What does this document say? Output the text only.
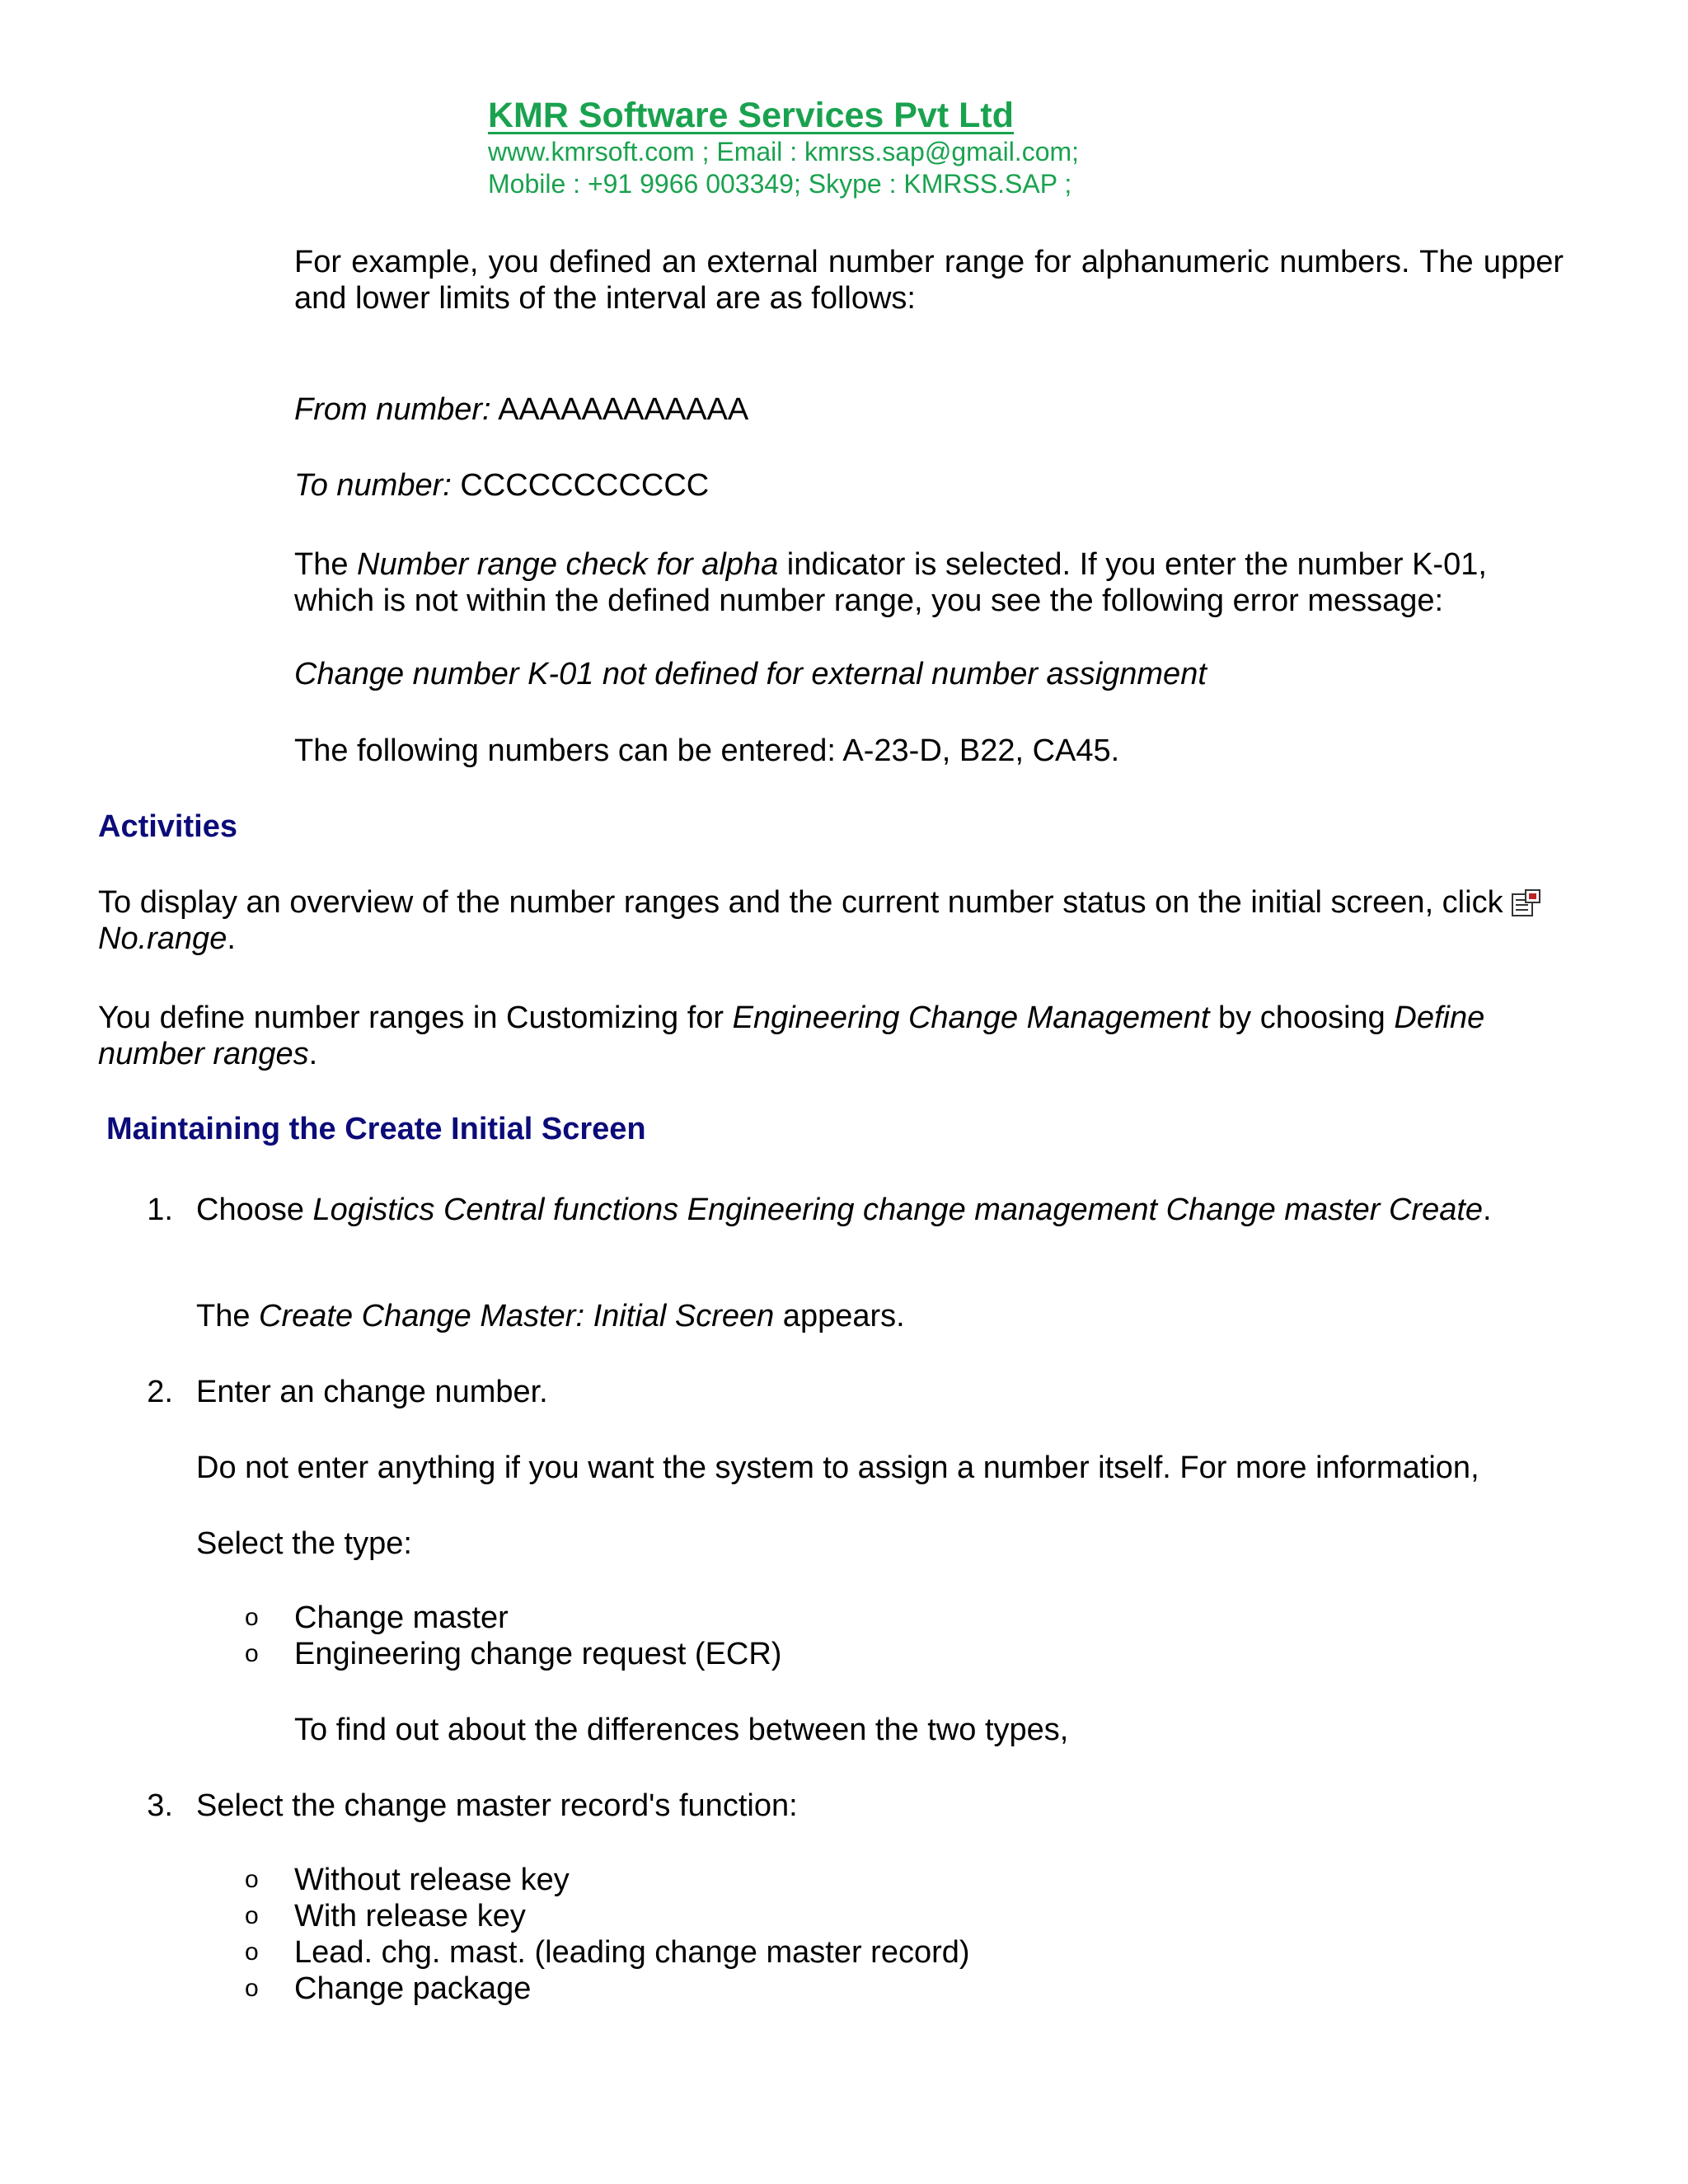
KMR Software Services Pvt Ltd
www.kmrsoft.com ; Email : kmrss.sap@gmail.com;
Mobile : +91 9966 003349; Skype : KMRSS.SAP ;
For example, you defined an external number range for alphanumeric numbers. The upper and lower limits of the interval are as follows:
From number: AAAAAAAAAAAA
To number: CCCCCCCCCCC
The Number range check for alpha indicator is selected. If you enter the number K-01, which is not within the defined number range, you see the following error message:
Change number K-01 not defined for external number assignment
The following numbers can be entered: A-23-D, B22, CA45.
Activities
To display an overview of the number ranges and the current number status on the initial screen, click No.range.
You define number ranges in Customizing for Engineering Change Management by choosing Define number ranges.
Maintaining the Create Initial Screen
1. Choose Logistics Central functions Engineering change management Change master Create.
The Create Change Master: Initial Screen appears.
2. Enter an change number.
Do not enter anything if you want the system to assign a number itself. For more information,
Select the type:
o Change master
o Engineering change request (ECR)
To find out about the differences between the two types,
3. Select the change master record's function:
o Without release key
o With release key
o Lead. chg. mast. (leading change master record)
o Change package
